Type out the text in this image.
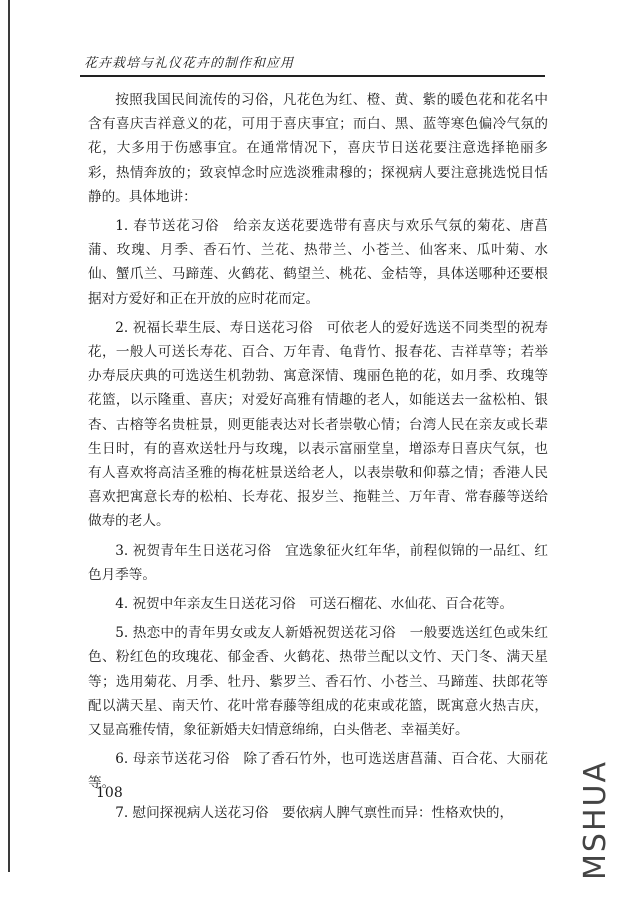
花卉栽培与礼仪花卉的制作和应用

按照我国民间流传的习俗，凡花色为红、橙、黄、紫的暖色花和花名中含有喜庆吉祥意义的花，可用于喜庆事宜；而白、黑、蓝等寒色偏冷气氛的花，大多用于伤感事宜。在通常情况下，喜庆节日送花要注意选择艳丽多彩，热情奔放的；致哀悼念时应选淡雅肃穆的；探视病人要注意挑选悦目恬静的。具体地讲：

1. 春节送花习俗　给亲友送花要选带有喜庆与欢乐气氛的菊花、唐菖蒲、玫瑰、月季、香石竹、兰花、热带兰、小苍兰、仙客来、瓜叶菊、水仙、蟹爪兰、马蹄莲、火鹤花、鹤望兰、桃花、金桔等，具体送哪种还要根据对方爱好和正在开放的应时花而定。

2. 祝福长辈生辰、寿日送花习俗　可依老人的爱好选送不同类型的祝寿花，一般人可送长寿花、百合、万年青、龟背竹、报春花、吉祥草等；若举办寿辰庆典的可选送生机勃勃、寓意深情、瑰丽色艳的花，如月季、玫瑰等花篮，以示隆重、喜庆；对爱好高雅有情趣的老人，如能送去一盆松柏、银杏、古榕等名贵桩景，则更能表达对长者崇敬心情；台湾人民在亲友或长辈生日时，有的喜欢送牡丹与玫瑰，以表示富丽堂皇，增添寿日喜庆气氛，也有人喜欢将高洁圣雅的梅花桩景送给老人，以表崇敬和仰慕之情；香港人民喜欢把寓意长寿的松柏、长寿花、报岁兰、拖鞋兰、万年青、常春藤等送给做寿的老人。

3. 祝贺青年生日送花习俗　宜选象征火红年华，前程似锦的一品红、红色月季等。

4. 祝贺中年亲友生日送花习俗　可送石榴花、水仙花、百合花等。

5. 热恋中的青年男女或友人新婚祝贺送花习俗　一般要选送红色或朱红色、粉红色的玫瑰花、郁金香、火鹤花、热带兰配以文竹、天门冬、满天星等；选用菊花、月季、牡丹、紫罗兰、香石竹、小苍兰、马蹄莲、扶郎花等配以满天星、南天竹、花叶常春藤等组成的花束或花篮，既寓意火热吉庆，又显高雅传情，象征新婚夫妇情意绵绵，白头偕老、幸福美好。

6. 母亲节送花习俗　除了香石竹外，也可选送唐菖蒲、百合花、大丽花等。

7. 慰问探视病人送花习俗　要依病人脾气禀性而异：性格欢快的，

108	MSHUA
